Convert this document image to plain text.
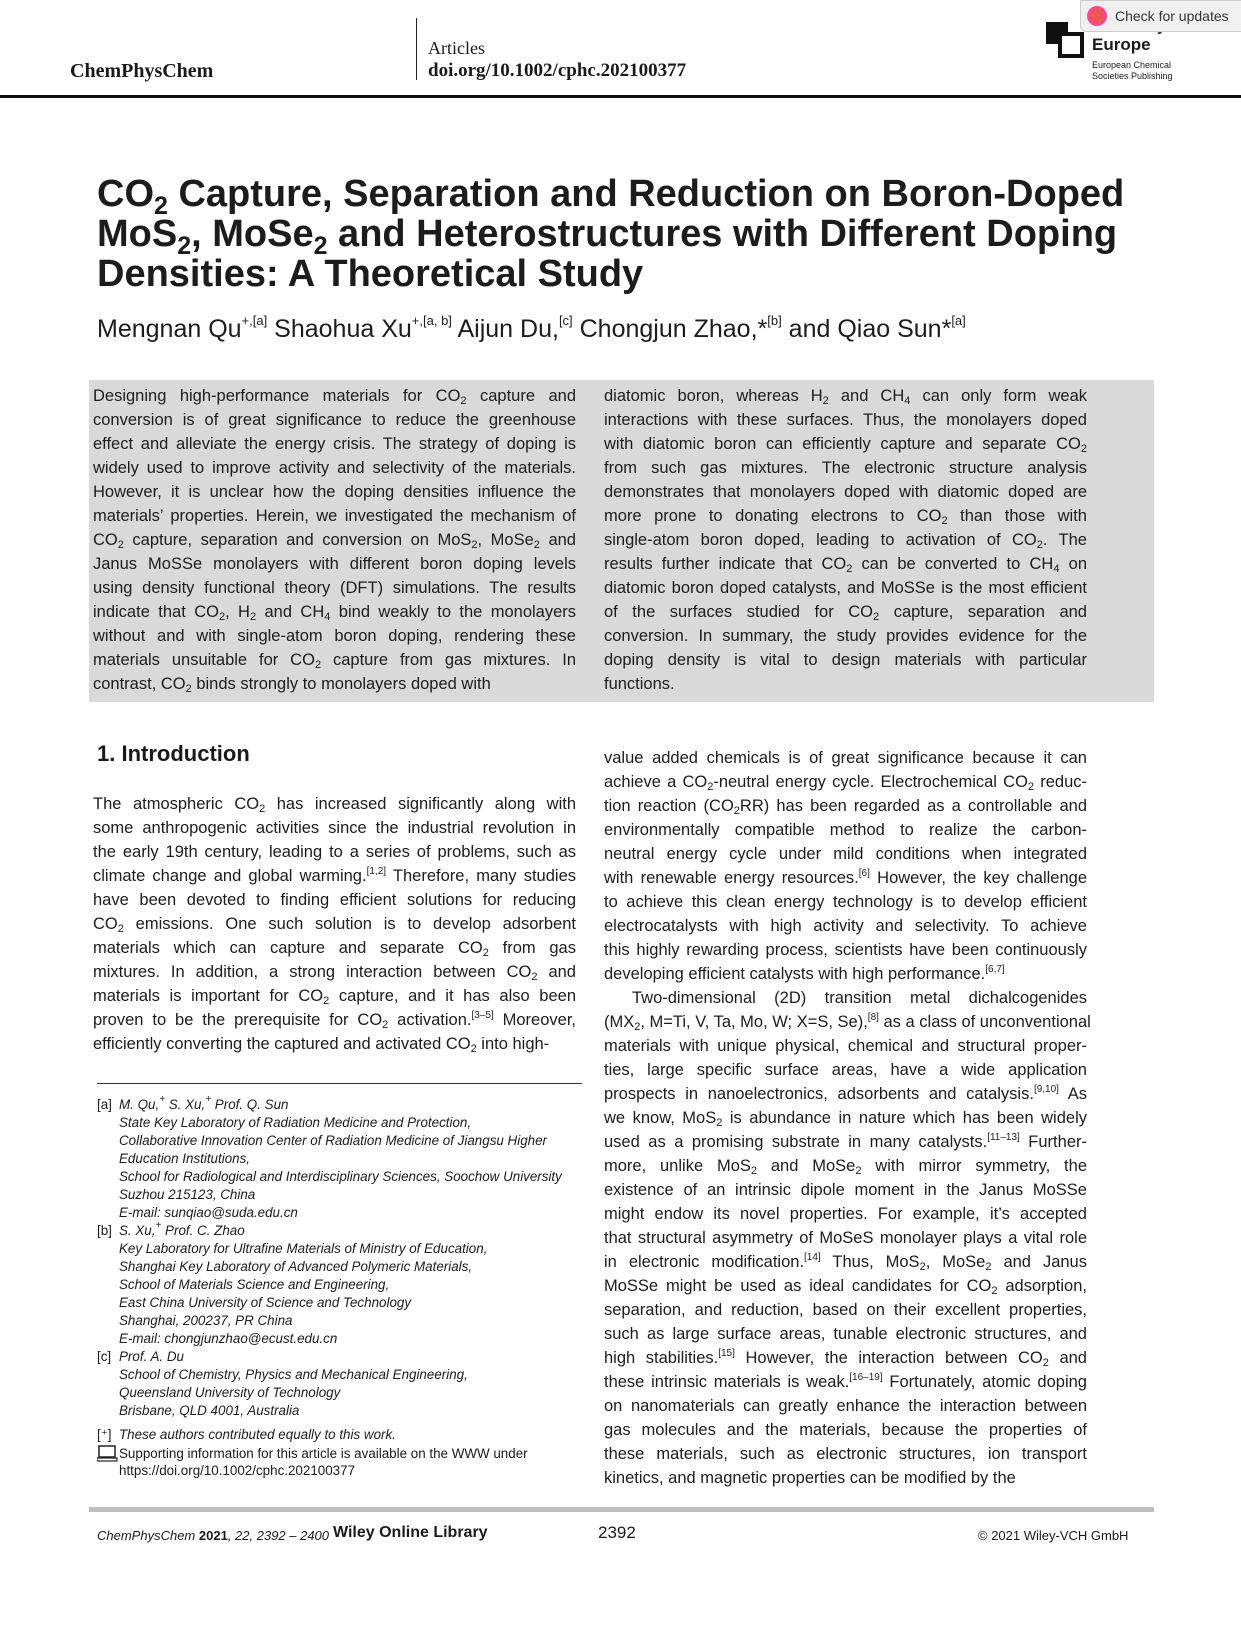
ChemPhysChem
Articles
doi.org/10.1002/cphc.202100377
Europe
European Chemical
Societies Publishing
Check for updates
$CO_2$ Capture, Separation and Reduction on Boron-Doped
MoS$_2$, MoSe$_2$ and Heterostructures with Different Doping
Densities: A Theoretical Study
Mengnan $Qu^{+,[a]}$ Shaohua $Xu^{+,[a, b]}$ Aijun Du,[c] Chongjun Zhao,*[b] and Qiao Sun*[a]
Designing high-performance materials for $CO_2$ capture and
conversion is of great significance to reduce the greenhouse
effect and alleviate the energy crisis. The strategy of doping is
widely used to improve activity and selectivity of the materials.
However, it is unclear how the doping densities influence the
materials’ properties. Herein, we investigated the mechanism of
$CO_2$ capture, separation and conversion on MoS$_2$, MoSe$_2$ and
Janus MoSSe monolayers with different boron doping levels
using density functional theory (DFT) simulations. The results
indicate that $CO_2$, $H_2$ and $CH_4$ bind weakly to the monolayers
without and with single-atom boron doping, rendering these
materials unsuitable for $CO_2$ capture from gas mixtures. In
contrast, $CO_2$ binds strongly to monolayers doped with
diatomic boron, whereas $H_2$ and $CH_4$ can only form weak
interactions with these surfaces. Thus, the monolayers doped
with diatomic boron can efficiently capture and separate $CO_2$
from such gas mixtures. The electronic structure analysis
demonstrates that monolayers doped with diatomic doped are
more prone to donating electrons to $CO_2$ than those with
single-atom boron doped, leading to activation of $CO_2$. The
results further indicate that $CO_2$ can be converted to $CH_4$ on
diatomic boron doped catalysts, and MoSSe is the most efficient
of the surfaces studied for $CO_2$ capture, separation and
conversion. In summary, the study provides evidence for the
doping density is vital to design materials with particular
functions.
1. Introduction
The atmospheric $CO_2$ has increased significantly along with
some anthropogenic activities since the industrial revolution in
the early 19th century, leading to a series of problems, such as
climate change and global warming.[1,2] Therefore, many studies
have been devoted to finding efficient solutions for reducing
$CO_2$ emissions. One such solution is to develop adsorbent
materials which can capture and separate $CO_2$ from gas
mixtures. In addition, a strong interaction between $CO_2$ and
materials is important for $CO_2$ capture, and it has also been
proven to be the prerequisite for $CO_2$ activation.[3–5] Moreover,
efficiently converting the captured and activated $CO_2$ into high-
value added chemicals is of great significance because it can
achieve a $CO_2$-neutral energy cycle. Electrochemical $CO_2$ reduc-
tion reaction $(CO_2RR)$ has been regarded as a controllable and
environmentally compatible method to realize the carbon-
neutral energy cycle under mild conditions when integrated
with renewable energy resources.[6] However, the key challenge
to achieve this clean energy technology is to develop efficient
electrocatalysts with high activity and selectivity. To achieve
this highly rewarding process, scientists have been continuously
developing efficient catalysts with high performance.[6,7]
Two-dimensional (2D) transition metal dichalcogenides
($MX_2$, M=Ti, V, Ta, Mo, W; X=S, Se),[8] as a class of unconventional
materials with unique physical, chemical and structural proper-
ties, large specific surface areas, have a wide application
prospects in nanoelectronics, adsorbents and catalysis.[9,10] As
we know, MoS$_2$ is abundance in nature which has been widely
used as a promising substrate in many catalysts.[11–13] Further-
more, unlike MoS$_2$ and MoSe$_2$ with mirror symmetry, the
existence of an intrinsic dipole moment in the Janus MoSSe
might endow its novel properties. For example, it’s accepted
that structural asymmetry of MoSeS monolayer plays a vital role
in electronic modification.[14] Thus, MoS$_2$, MoSe$_2$ and Janus
MoSSe might be used as ideal candidates for $CO_2$ adsorption,
separation, and reduction, based on their excellent properties,
such as large surface areas, tunable electronic structures, and
high stabilities.[15] However, the interaction between $CO_2$ and
these intrinsic materials is weak.[16–19] Fortunately, atomic doping
on nanomaterials can greatly enhance the interaction between
gas molecules and the materials, because the properties of
these materials, such as electronic structures, ion transport
kinetics, and magnetic properties can be modified by the
[a] M. Qu,+ S. Xu,+ Prof. Q. Sun
State Key Laboratory of Radiation Medicine and Protection,
Collaborative Innovation Center of Radiation Medicine of Jiangsu Higher
Education Institutions,
School for Radiological and Interdisciplinary Sciences, Soochow University
Suzhou 215123, China
E-mail: sunqiao@suda.edu.cn
[b] S. Xu,+ Prof. C. Zhao
Key Laboratory for Ultrafine Materials of Ministry of Education,
Shanghai Key Laboratory of Advanced Polymeric Materials,
School of Materials Science and Engineering,
East China University of Science and Technology
Shanghai, 200237, PR China
E-mail: chongjunzhao@ecust.edu.cn
[c] Prof. A. Du
School of Chemistry, Physics and Mechanical Engineering,
Queensland University of Technology
Brisbane, QLD 4001, Australia
[⁺] These authors contributed equally to this work.
Supporting information for this article is available on the WWW under
https://doi.org/10.1002/cphc.202100377
ChemPhysChem 2021, 22, 2392 – 2400 Wiley Online Library	2392	© 2021 Wiley-VCH GmbH
